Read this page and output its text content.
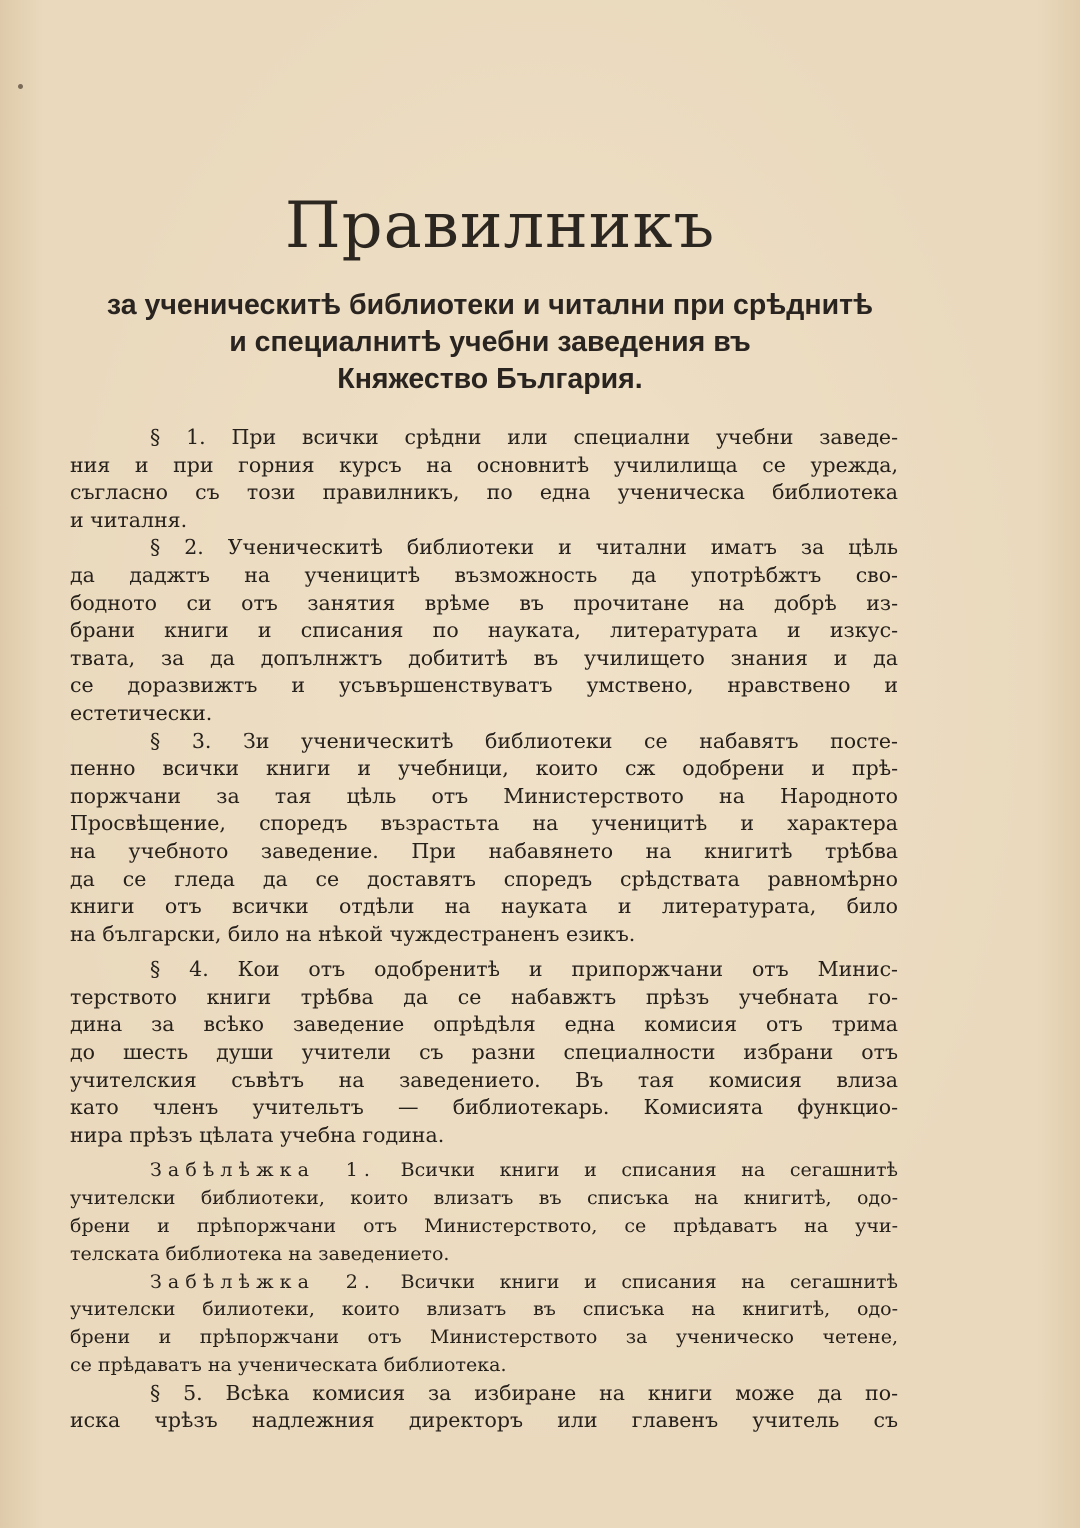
Правилникъ
за ученическитѣ библиотеки и читални при срѣднитѣ
и специалнитѣ учебни заведения въ
Княжество България.
§ 1. При всички срѣдни или специални учебни заведе-
ния и при горния курсъ на основнитѣ училилища се урежда,
съгласно съ този правилникъ, по една ученическа библиотека
и читалня.
§ 2. Ученическитѣ библиотеки и читални иматъ за цѣль
да даджтъ на ученицитѣ възможность да употрѣбжтъ сво-
бодното си отъ занятия врѣме въ прочитане на добрѣ из-
брани книги и списания по науката, литературата и изкус-
твата, за да допълнжтъ добититѣ въ училището знания и да
се доразвижтъ и усъвършенствуватъ умствено, нравствено и
естетически.
§ 3. Зи ученическитѣ библиотеки се набавятъ посте-
пенно всички книги и учебници, които сж одобрени и прѣ-
поржчани за тая цѣль отъ Министерството на Народното
Просвѣщение, споредъ възрастьта на ученицитѣ и характера
на учебното заведение. При набавянето на книгитѣ трѣбва
да се гледа да се доставятъ споредъ срѣдствата равномѣрно
книги отъ всички отдѣли на науката и литературата, било
на български, било на нѣкой чуждестраненъ езикъ.
§ 4. Кои отъ одобренитѣ и припоржчани отъ Минис-
терството книги трѣбва да се набавжтъ прѣзъ учебната го-
дина за всѣко заведение опрѣдѣля една комисия отъ трима
до шесть души учители съ разни специалности избрани отъ
учителския съвѣтъ на заведението. Въ тая комисия влиза
като членъ учительтъ — библиотекарь. Комисията функцио-
нира прѣзъ цѣлата учебна година.
Забѣлѣжка 1. Всички книги и списания на сегашнитѣ
учителски библиотеки, които влизатъ въ списъка на книгитѣ, одо-
брени и прѣпоржчани отъ Министерството, се прѣдаватъ на учи-
телската библиотека на заведението.
Забѣлѣжка 2. Всички книги и списания на сегашнитѣ
учителски билиотеки, които влизатъ въ списъка на книгитѣ, одо-
брени и прѣпоржчани отъ Министерството за ученическо четене,
се прѣдаватъ на ученическата библиотека.
§ 5. Всѣка комисия за избиране на книги може да по-
иска чрѣзъ надлежния директоръ или главенъ учитель съ
